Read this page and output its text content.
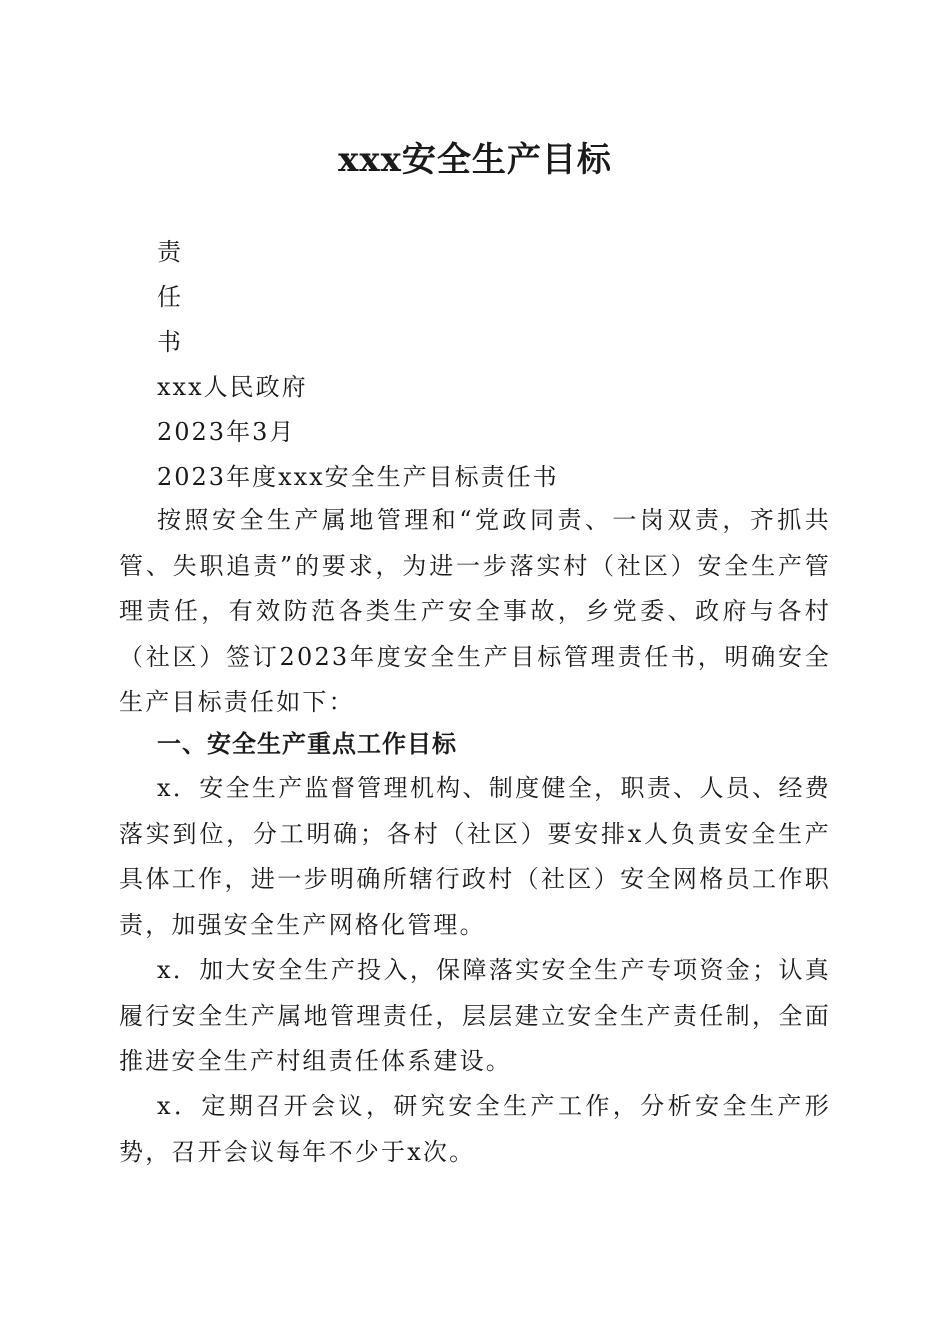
xxx安全生产目标
责
任
书
xxx人民政府
2023年3月
2023年度xxx安全生产目标责任书

按照安全生产属地管理和“党政同责、一岗双责，齐抓共管、失职追责”的要求，为进一步落实村（社区）安全生产管理责任，有效防范各类生产安全事故，乡党委、政府与各村（社区）签订2023年度安全生产目标管理责任书，明确安全生产目标责任如下：

一、安全生产重点工作目标

x．安全生产监督管理机构、制度健全，职责、人员、经费落实到位，分工明确；各村（社区）要安排x人负责安全生产具体工作，进一步明确所辖行政村（社区）安全网格员工作职责，加强安全生产网格化管理。

x．加大安全生产投入，保障落实安全生产专项资金；认真履行安全生产属地管理责任，层层建立安全生产责任制，全面推进安全生产村组责任体系建设。

x．定期召开会议，研究安全生产工作，分析安全生产形势，召开会议每年不少于x次。
